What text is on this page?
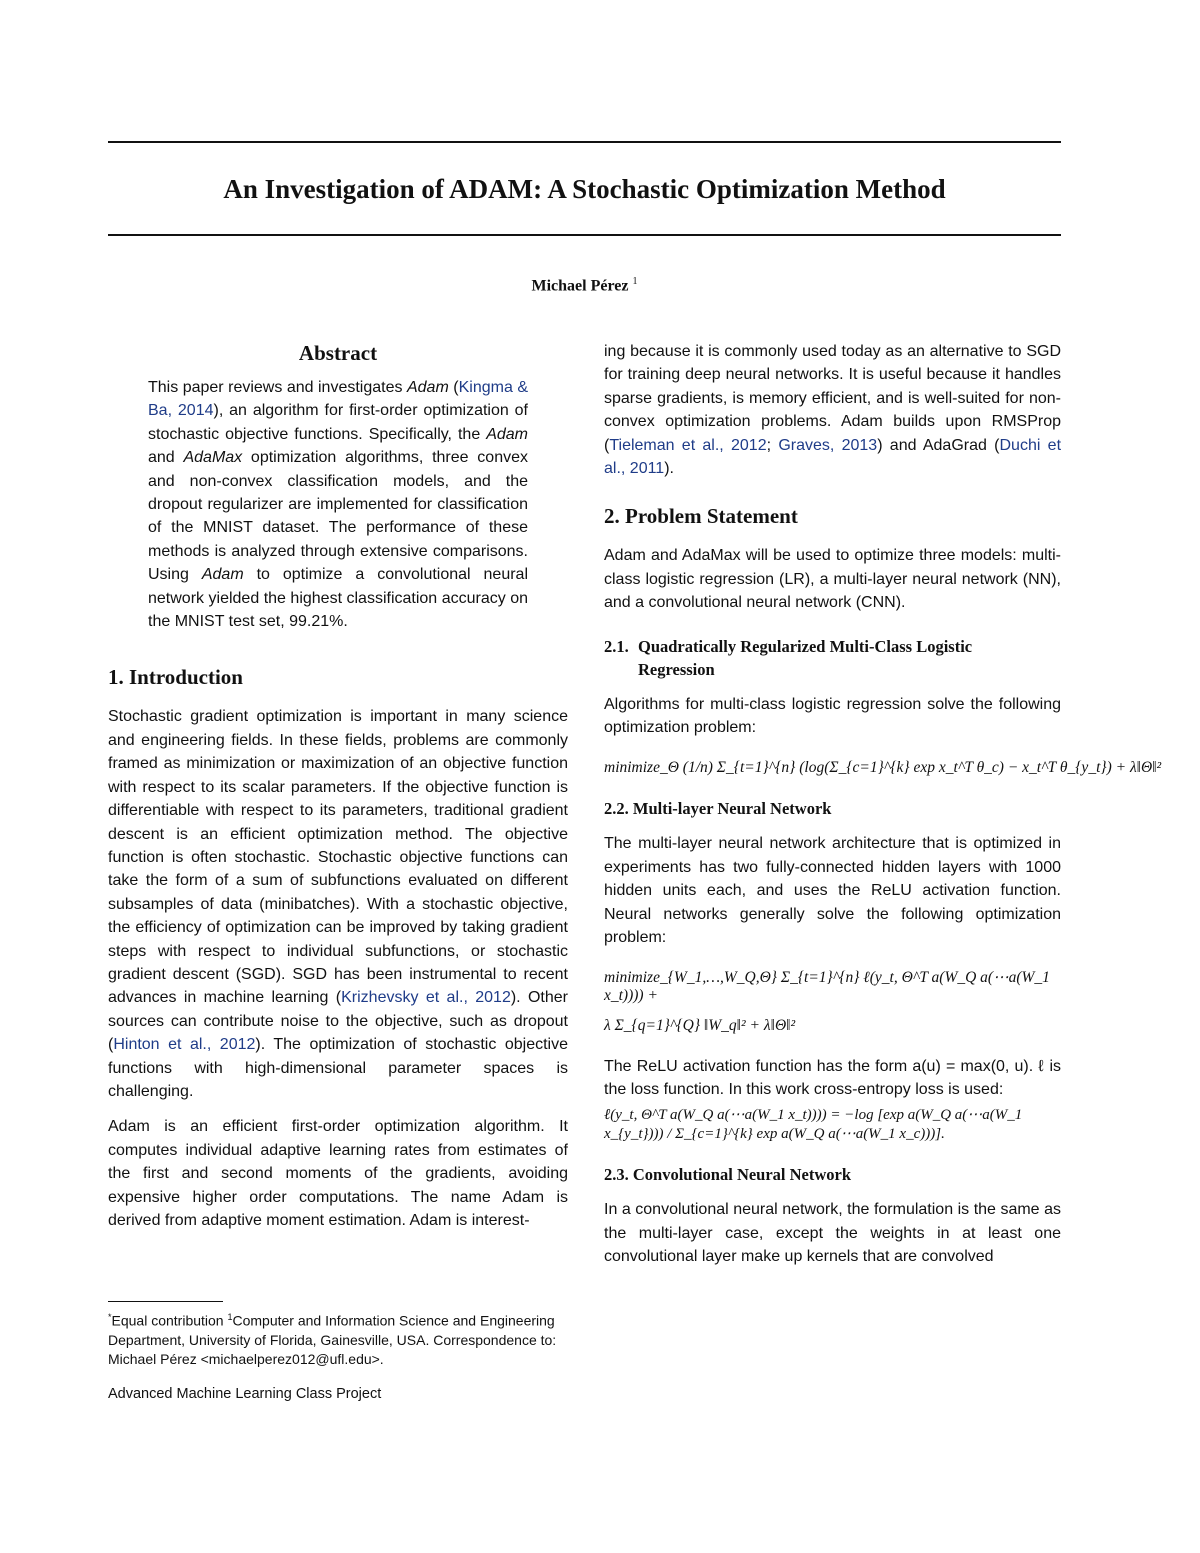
An Investigation of ADAM: A Stochastic Optimization Method
Michael Pérez $^1$
Abstract

This paper reviews and investigates Adam (Kingma & Ba, 2014), an algorithm for first-order optimization of stochastic objective functions. Specifically, the Adam and AdaMax optimization algorithms, three convex and non-convex classification models, and the dropout regularizer are implemented for classification of the MNIST dataset. The performance of these methods is analyzed through extensive comparisons. Using Adam to optimize a convolutional neural network yielded the highest classification accuracy on the MNIST test set, 99.21%.

1. Introduction

Stochastic gradient optimization is important in many science and engineering fields. In these fields, problems are commonly framed as minimization or maximization of an objective function with respect to its scalar parameters. If the objective function is differentiable with respect to its parameters, traditional gradient descent is an efficient optimization method. The objective function is often stochastic. Stochastic objective functions can take the form of a sum of subfunctions evaluated on different subsamples of data (minibatches). With a stochastic objective, the efficiency of optimization can be improved by taking gradient steps with respect to individual subfunctions, or stochastic gradient descent (SGD). SGD has been instrumental to recent advances in machine learning (Krizhevsky et al., 2012). Other sources can contribute noise to the objective, such as dropout (Hinton et al., 2012). The optimization of stochastic objective functions with high-dimensional parameter spaces is challenging.

Adam is an efficient first-order optimization algorithm. It computes individual adaptive learning rates from estimates of the first and second moments of the gradients, avoiding expensive higher order computations. The name Adam is derived from adaptive moment estimation. Adam is interest-

*Equal contribution $^1$Computer and Information Science and Engineering Department, University of Florida, Gainesville, USA. Correspondence to: Michael Pérez <michaelperez012@ufl.edu>.
Advanced Machine Learning Class Project

ing because it is commonly used today as an alternative to SGD for training deep neural networks. It is useful because it handles sparse gradients, is memory efficient, and is well-suited for non-convex optimization problems. Adam builds upon RMSProp (Tieleman et al., 2012; Graves, 2013) and AdaGrad (Duchi et al., 2011).

2. Problem Statement

Adam and AdaMax will be used to optimize three models: multi-class logistic regression (LR), a multi-layer neural network (NN), and a convolutional neural network (CNN).

2.1. Quadratically Regularized Multi-Class Logistic
Regression

Algorithms for multi-class logistic regression solve the following optimization problem:

minimize_Θ (1/n) Σ_{t=1}^{n} (log(Σ_{c=1}^{k} exp x_t^T θ_c) − x_t^T θ_{y_t}) + λ‖Θ‖²
2.2. Multi-layer Neural Network

The multi-layer neural network architecture that is optimized in experiments has two fully-connected hidden layers with 1000 hidden units each, and uses the ReLU activation function. Neural networks generally solve the following optimization problem:

minimize_{W_1,…,W_Q,Θ} Σ_{t=1}^{n} ℓ(y_t, Θ^T a(W_Q a(⋯a(W_1 x_t)))) +
λ Σ_{q=1}^{Q} ‖W_q‖² + λ‖Θ‖²

The ReLU activation function has the form a(u) = max(0, u). ℓ is the loss function. In this work cross-entropy loss is used:

ℓ(y_t, Θ^T a(W_Q a(⋯a(W_1 x_t)))) = −log [exp a(W_Q a(⋯a(W_1 x_{y_t}))) / Σ_{c=1}^{k} exp a(W_Q a(⋯a(W_1 x_c)))].
2.3. Convolutional Neural Network

In a convolutional neural network, the formulation is the same as the multi-layer case, except the weights in at least one convolutional layer make up kernels that are convolved
